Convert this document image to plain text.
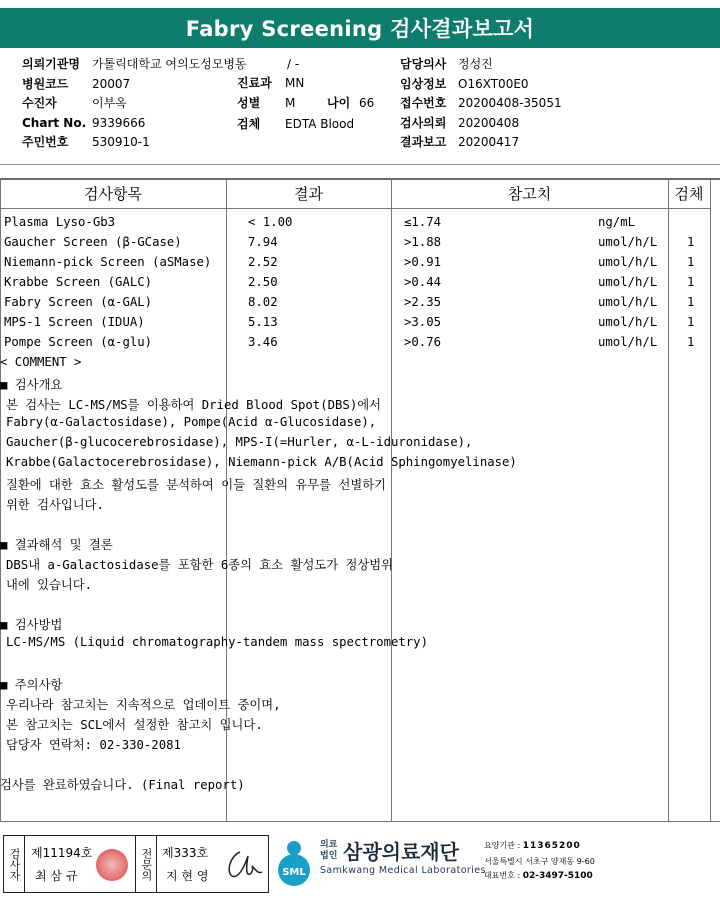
Fabry Screening 검사결과보고서
의뢰기관명	가톨릭대학교 여의도성모병동
병원코드	20007
수진자	이부옥
Chart No. 9339666
주민번호	530910-1
/ -
진료과	MN
성별	M	나이 66
검체	EDTA Blood
담당의사 정성진
임상정보 O16XT00E0
접수번호 20200408-35051
검사의뢰 20200408
결과보고 20200417
검사항목	결과	참고치	검체
Plasma Lyso-Gb3	< 1.00	≤1.74	ng/mL
Gaucher Screen (β-GCase)	7.94	>1.88	umol/h/L 1
Niemann-pick Screen (aSMase)	2.52	>0.91	umol/h/L 1
Krabbe Screen (GALC)	2.50	>0.44	umol/h/L 1
Fabry Screen (α-GAL)	8.02	>2.35	umol/h/L 1
MPS-1 Screen (IDUA)	5.13	>3.05	umol/h/L 1
Pompe Screen (α-glu)	3.46	>0.76	umol/h/L 1
< COMMENT >
■ 검사개요
본 검사는 LC-MS/MS를 이용하여 Dried Blood Spot(DBS)에서
Fabry(α-Galactosidase), Pompe(Acid α-Glucosidase),
Gaucher(β-glucocerebrosidase), MPS-I(=Hurler, α-L-iduronidase),
Krabbe(Galactocerebrosidase), Niemann-pick A/B(Acid Sphingomyelinase)
질환에 대한 효소 활성도를 분석하여 이들 질환의 유무를 선별하기
위한 검사입니다.
■ 결과해석 및 결론
DBS내 a-Galactosidase를 포함한 6종의 효소 활성도가 정상범위
내에 있습니다.
■ 검사방법
LC-MS/MS (Liquid chromatography-tandem mass spectrometry)
■ 주의사항
우리나라 참고치는 지속적으로 업데이트 중이며,
본 참고치는 SCL에서 설정한 참고치 입니다.
담당자 연락처: 02-330-2081
검사를 완료하였습니다. (Final report)
검사자 제11194호
최 삼 규	전문의 제333호
지 현 영	SML
의료법인 삼광의료재단
Samkwang Medical Laboratories
요양기관 : 11365200
서울특별시 서초구 양재동 9-60
대표번호 : 02-3497-5100
